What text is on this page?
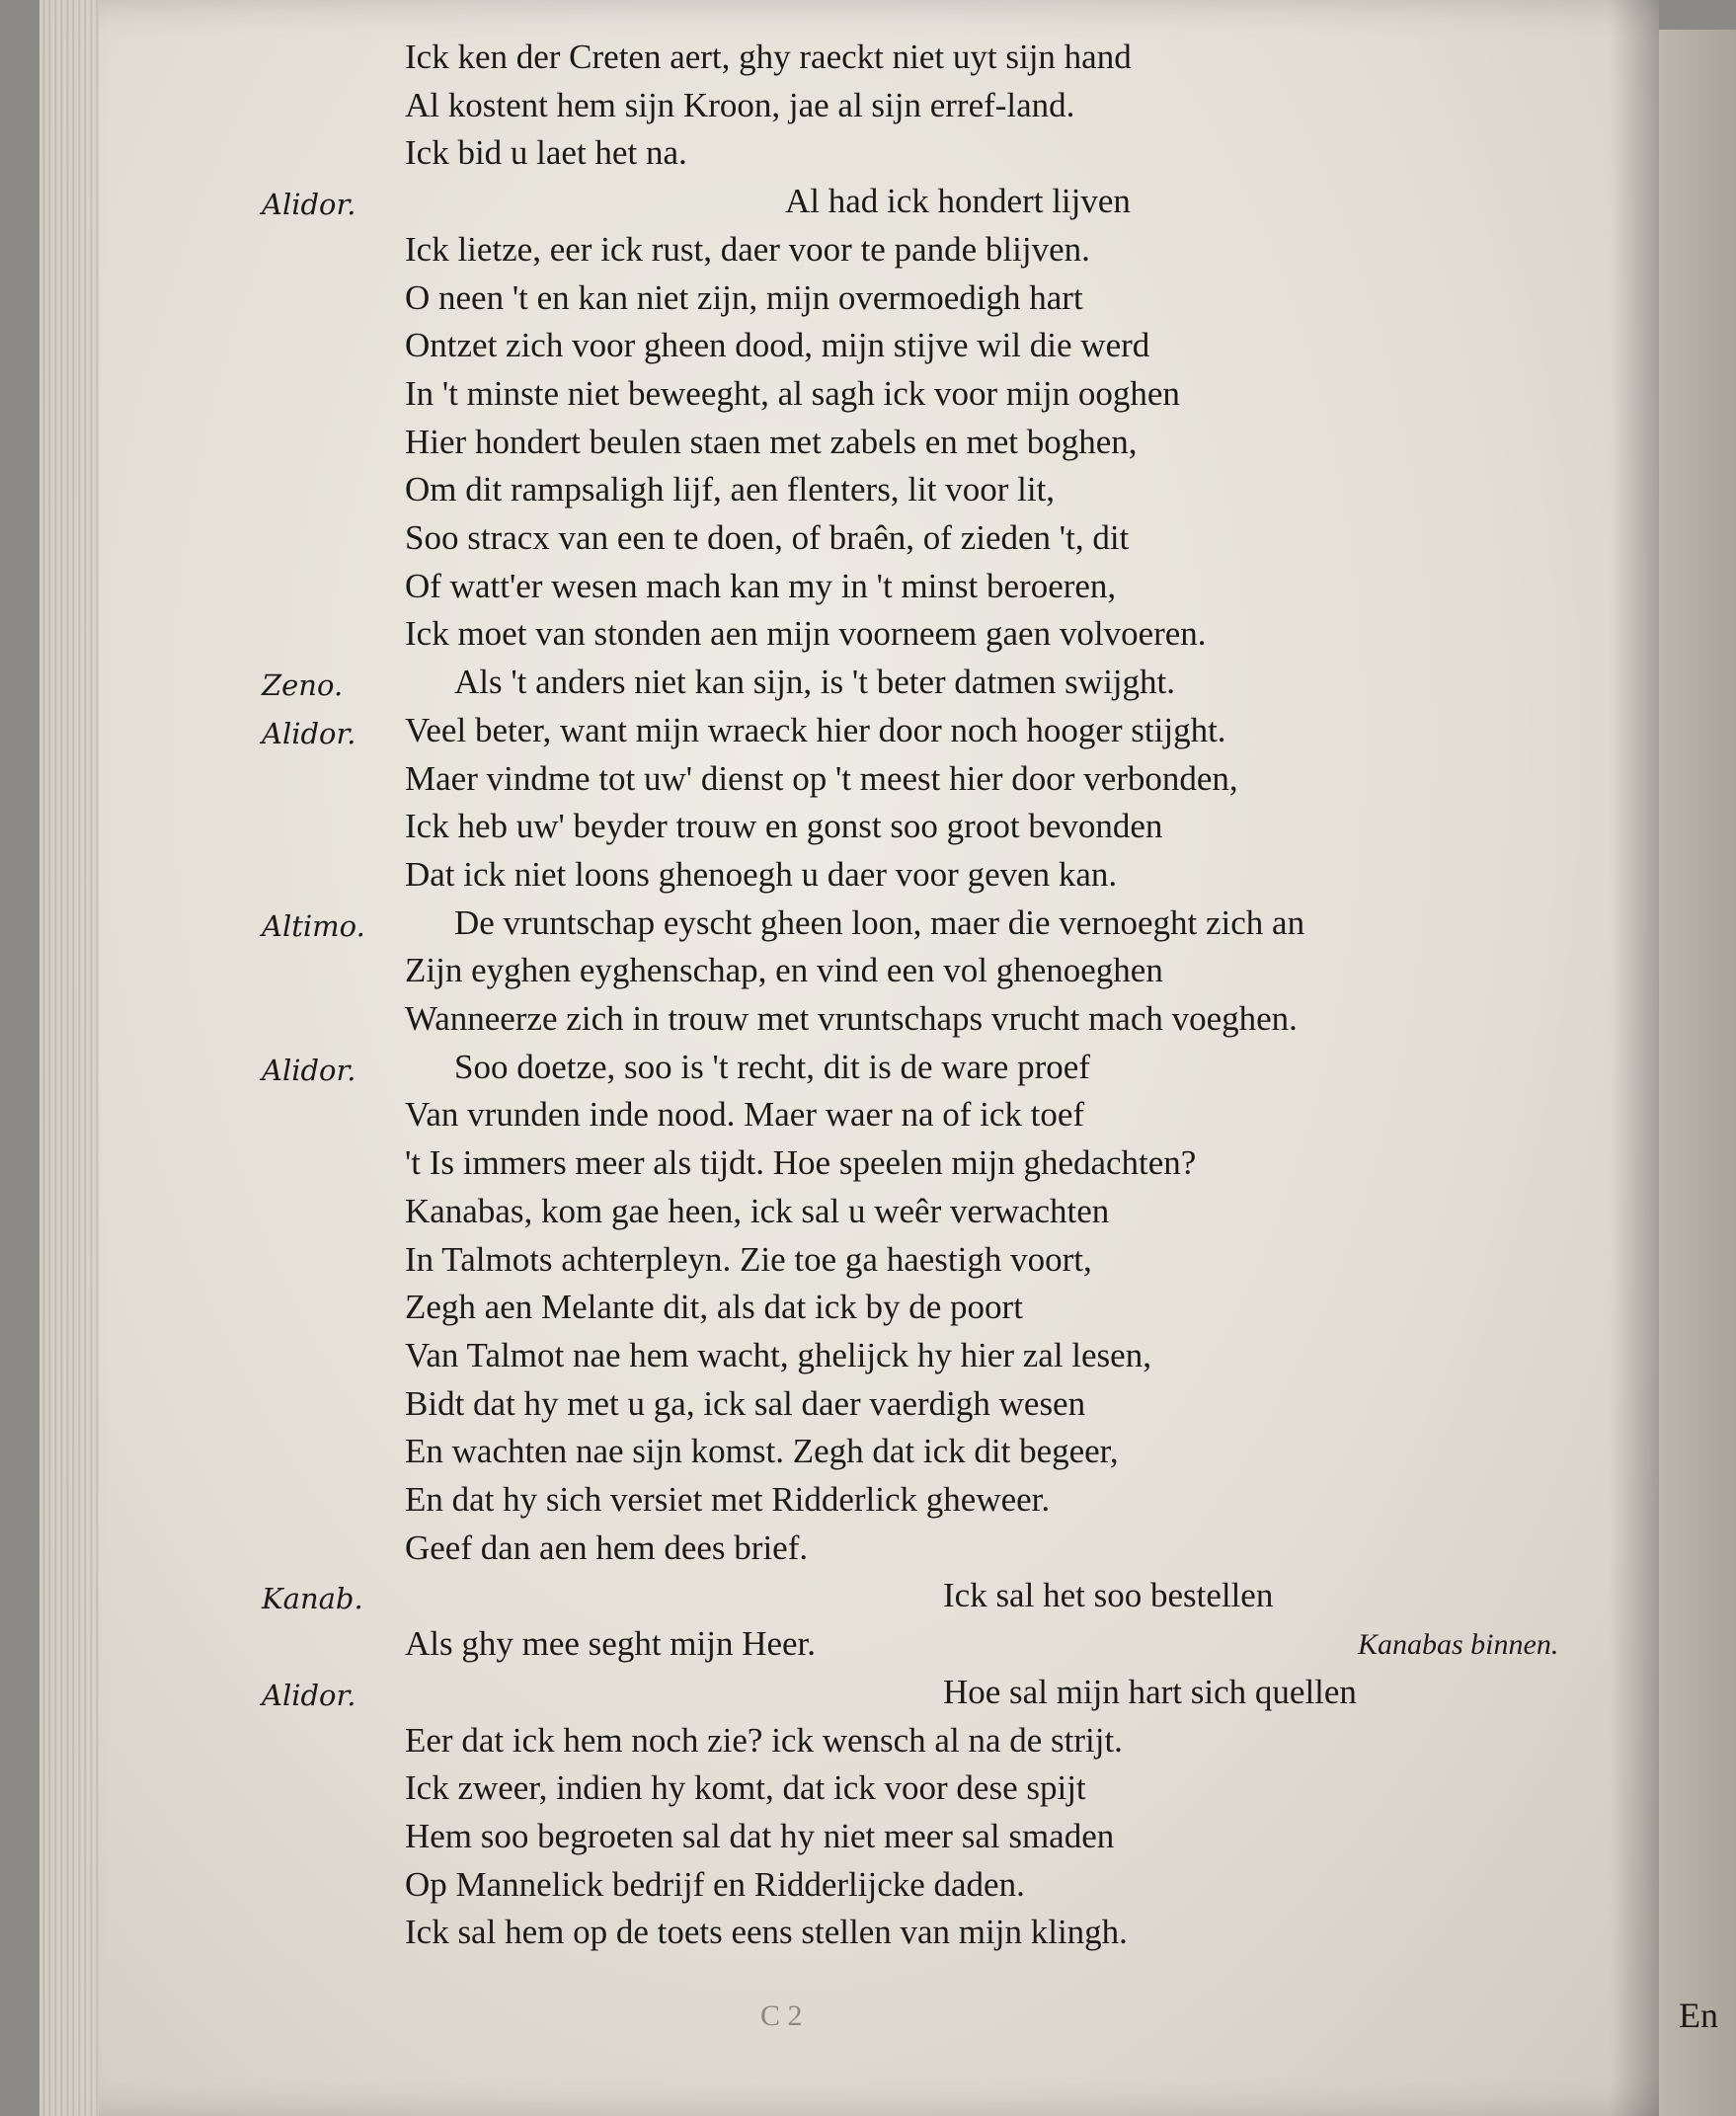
Ick ken der Creten aert, ghy raeckt niet uyt sijn hand
Al kostent hem sijn Kroon, jae al sijn erref-land.
Ick bid u laet het na.
Alidor.	Al had ick hondert lijven
Ick lietze, eer ick rust, daer voor te pande blijven.
O neen 't en kan niet zijn, mijn overmoedigh hart
Ontzet zich voor gheen dood, mijn stijve wil die werd
In 't minste niet beweeght, al sagh ick voor mijn ooghen
Hier hondert beulen staen met zabels en met boghen,
Om dit rampsaligh lijf, aen flenters, lit voor lit,
Soo stracx van een te doen, of braên, of zieden 't, dit
Of watt'er wesen mach kan my in 't minst beroeren,
Ick moet van stonden aen mijn voorneem gaen volvoeren.
Zeno.	Als 't anders niet kan sijn, is 't beter datmen swijght.
Alidor. Veel beter, want mijn wraeck hier door noch hooger stijght.
Maer vindme tot uw' dienst op 't meest hier door verbonden,
Ick heb uw' beyder trouw en gonst soo groot bevonden
Dat ick niet loons ghenoegh u daer voor geven kan.
Altimo.	De vruntschap eyscht gheen loon, maer die vernoeght zich an
Zijn eyghen eyghenschap, en vind een vol ghenoeghen
Wanneerze zich in trouw met vruntschaps vrucht mach voeghen.
Alidor.	Soo doetze, soo is 't recht, dit is de ware proef
Van vrunden inde nood. Maer waer na of ick toef
't Is immers meer als tijdt. Hoe speelen mijn ghedachten?
Kanabas, kom gae heen, ick sal u weêr verwachten
In Talmots achterpleyn. Zie toe ga haestigh voort,
Zegh aen Melante dit, als dat ick by de poort
Van Talmot nae hem wacht, ghelijck hy hier zal lesen,
Bidt dat hy met u ga, ick sal daer vaerdigh wesen
En wachten nae sijn komst. Zegh dat ick dit begeer,
En dat hy sich versiet met Ridderlick gheweer.
Geef dan aen hem dees brief.
Kanab.	Ick sal het soo bestellen
Als ghy mee seght mijn Heer.	Kanabas binnen.
Alidor.	Hoe sal mijn hart sich quellen
Eer dat ick hem noch zie? ick wensch al na de strijt.
Ick zweer, indien hy komt, dat ick voor dese spijt
Hem soo begroeten sal dat hy niet meer sal smaden
Op Mannelick bedrijf en Ridderlijcke daden.
Ick sal hem op de toets eens stellen van mijn klingh.
C 2	En
